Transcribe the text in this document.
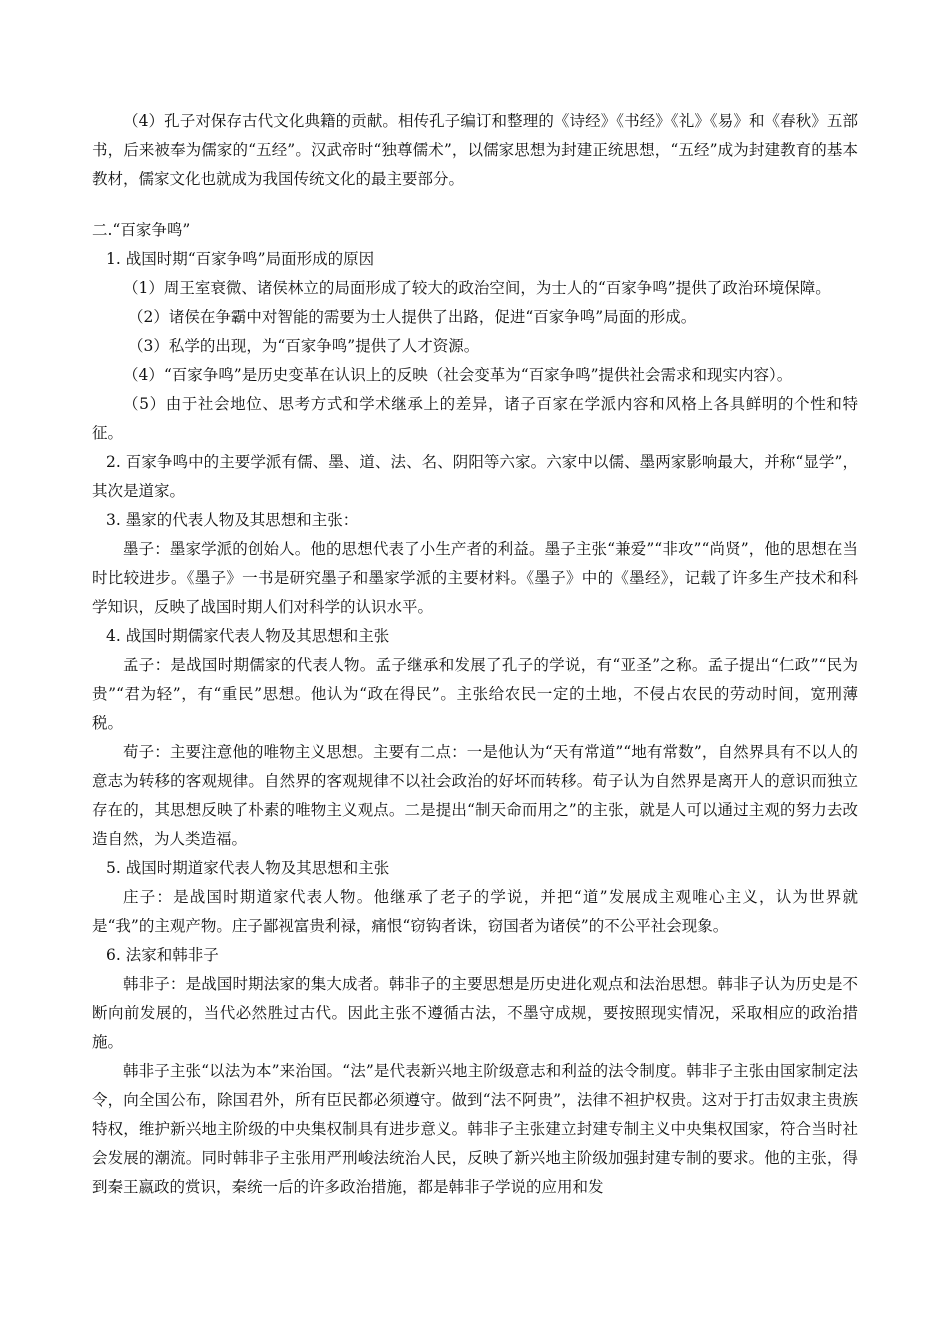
（4）孔子对保存古代文化典籍的贡献。相传孔子编订和整理的《诗经》《书经》《礼》《易》和《春秋》五部书，后来被奉为儒家的“五经”。汉武帝时“独尊儒术”，以儒家思想为封建正统思想，“五经”成为封建教育的基本教材，儒家文化也就成为我国传统文化的最主要部分。

二.“百家争鸣”

1. 战国时期“百家争鸣”局面形成的原因

（1）周王室衰微、诸侯林立的局面形成了较大的政治空间，为士人的“百家争鸣”提供了政治环境保障。

（2）诸侯在争霸中对智能的需要为士人提供了出路，促进“百家争鸣”局面的形成。

（3）私学的出现，为“百家争鸣”提供了人才资源。

（4）“百家争鸣”是历史变革在认识上的反映（社会变革为“百家争鸣”提供社会需求和现实内容）。

（5）由于社会地位、思考方式和学术继承上的差异，诸子百家在学派内容和风格上各具鲜明的个性和特征。

2. 百家争鸣中的主要学派有儒、墨、道、法、名、阴阳等六家。六家中以儒、墨两家影响最大，并称“显学”，其次是道家。

3. 墨家的代表人物及其思想和主张：

墨子：墨家学派的创始人。他的思想代表了小生产者的利益。墨子主张“兼爱”“非攻”“尚贤”，他的思想在当时比较进步。《墨子》一书是研究墨子和墨家学派的主要材料。《墨子》中的《墨经》，记载了许多生产技术和科学知识，反映了战国时期人们对科学的认识水平。

4. 战国时期儒家代表人物及其思想和主张

孟子：是战国时期儒家的代表人物。孟子继承和发展了孔子的学说，有“亚圣”之称。孟子提出“仁政”“民为贵”“君为轻”，有“重民”思想。他认为“政在得民”。主张给农民一定的土地，不侵占农民的劳动时间，宽刑薄税。

荀子：主要注意他的唯物主义思想。主要有二点：一是他认为“天有常道”“地有常数”，自然界具有不以人的意志为转移的客观规律。自然界的客观规律不以社会政治的好坏而转移。荀子认为自然界是离开人的意识而独立存在的，其思想反映了朴素的唯物主义观点。二是提出“制天命而用之”的主张，就是人可以通过主观的努力去改造自然，为人类造福。

5. 战国时期道家代表人物及其思想和主张

庄子：是战国时期道家代表人物。他继承了老子的学说，并把“道”发展成主观唯心主义，认为世界就是“我”的主观产物。庄子鄙视富贵利禄，痛恨“窃钩者诛，窃国者为诸侯”的不公平社会现象。

6. 法家和韩非子

韩非子：是战国时期法家的集大成者。韩非子的主要思想是历史进化观点和法治思想。韩非子认为历史是不断向前发展的，当代必然胜过古代。因此主张不遵循古法，不墨守成规，要按照现实情况，采取相应的政治措施。

韩非子主张“以法为本”来治国。“法”是代表新兴地主阶级意志和利益的法令制度。韩非子主张由国家制定法令，向全国公布，除国君外，所有臣民都必须遵守。做到“法不阿贵”，法律不袒护权贵。这对于打击奴隶主贵族特权，维护新兴地主阶级的中央集权制具有进步意义。韩非子主张建立封建专制主义中央集权国家，符合当时社会发展的潮流。同时韩非子主张用严刑峻法统治人民，反映了新兴地主阶级加强封建专制的要求。他的主张，得到秦王嬴政的赏识，秦统一后的许多政治措施，都是韩非子学说的应用和发
